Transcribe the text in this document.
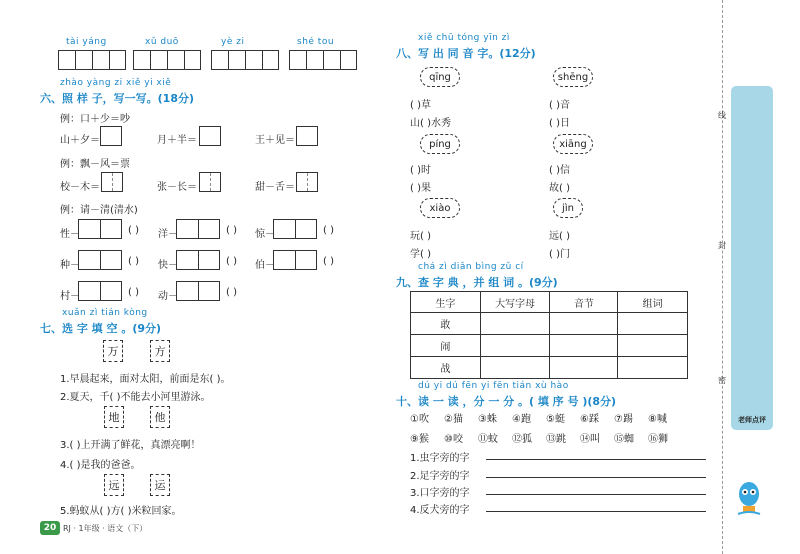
tài yáng	xǔ duō	yè zi	shé tou
zhào yàng zi xiě yi xiě
六、照 样 子，写一写。(18分)
例：口＋少＝吵
山＋夕＝	月＋半＝	王＋见＝
例：飘－风＝票
校－木＝	张－长＝	甜－舌＝
例：请－清(清水)
性－	( ) 洋－	( ) 惊－	( )
种－	( ) 快－	( ) 伯－	( )
村－	( ) 动－	( )
xuǎn zì tián kòng
七、选 字 填 空 。(9分)
万	方
1.早晨起来，面对太阳，前面是东( )。
2.夏天，千( )不能去小河里游泳。
地	他
3.( )上开满了鲜花，真漂亮啊！
4.( )是我的爸爸。
远	运
5.蚂蚁从( )方( )米粒回家。
20 RJ · 1年级 · 语文（下）
xiě chū tóng yīn zì
八、写 出 同 音 字。(12分)
qīng	shēng
( )草	( )音
山( )水秀	( )日
píng	xiāng
( )时	( )信
( )果	故( )
xiào	jìn
玩( )	远( )
学( )	( )门
chá zì diǎn bìng zǔ cí
九、查 字 典 ，并 组 词 。(9分)
生字	大写字母	音节	组词
敢			
闹			
战			
dú yi dú fēn yi fēn tián xù hào
十、读 一 读 ，分 一 分 。( 填 序 号 )(8分)
①吹 ②猫 ③蛛 ④跑 ⑤蜓 ⑥踩 ⑦踢 ⑧喊
⑨猴 ⑩咬 ⑪蚊 ⑫狐 ⑬跳 ⑭叫 ⑮蜘 ⑯狮
1.虫字旁的字
2.足字旁的字
3.口字旁的字
4.反犬旁的字
线
封
密
老师点评
